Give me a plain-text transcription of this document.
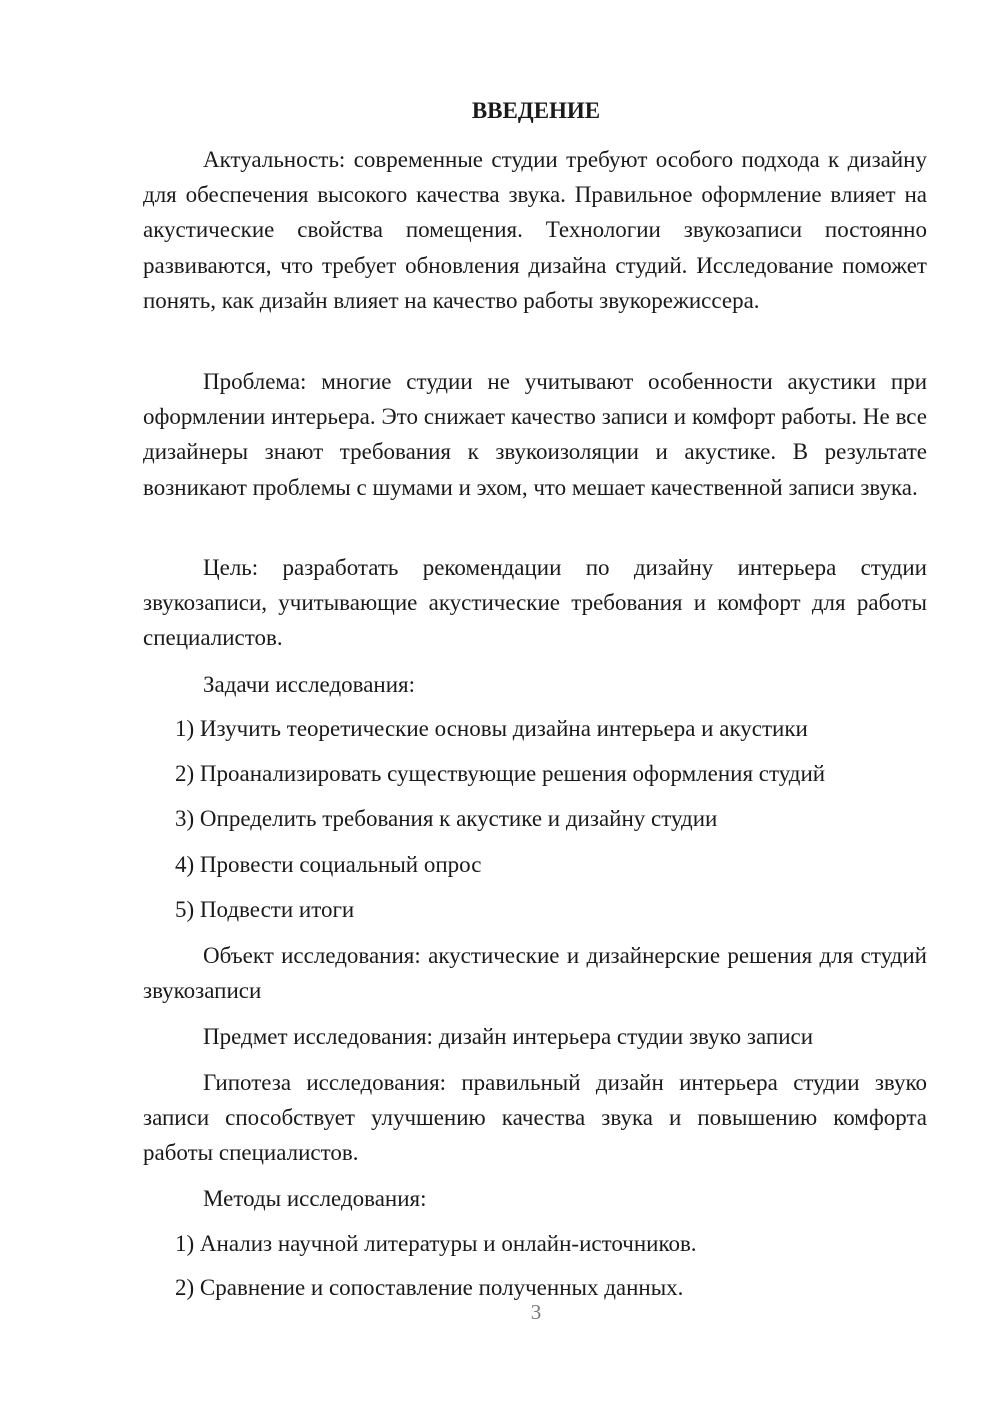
ВВЕДЕНИЕ

Актуальность: современные студии требуют особого подхода к дизайну для обеспечения высокого качества звука. Правильное оформление влияет на акустические свойства помещения. Технологии звукозаписи постоянно развиваются, что требует обновления дизайна студий. Исследование поможет понять, как дизайн влияет на качество работы звукорежиссера.

Проблема: многие студии не учитывают особенности акустики при оформлении интерьера. Это снижает качество записи и комфорт работы. Не все дизайнеры знают требования к звукоизоляции и акустике. В результате возникают проблемы с шумами и эхом, что мешает качественной записи звука.

Цель: разработать рекомендации по дизайну интерьера студии звукозаписи, учитывающие акустические требования и комфорт для работы специалистов.

Задачи исследования:

1) Изучить теоретические основы дизайна интерьера и акустики
2) Проанализировать существующие решения оформления студий
3) Определить требования к акустике и дизайну студии
4) Провести социальный опрос
5) Подвести итоги

Объект исследования: акустические и дизайнерские решения для студий звукозаписи

Предмет исследования: дизайн интерьера студии звуко записи

Гипотеза исследования: правильный дизайн интерьера студии звуко записи способствует улучшению качества звука и повышению комфорта работы специалистов.

Методы исследования:

1) Анализ научной литературы и онлайн-источников.
2) Сравнение и сопоставление полученных данных.
3
